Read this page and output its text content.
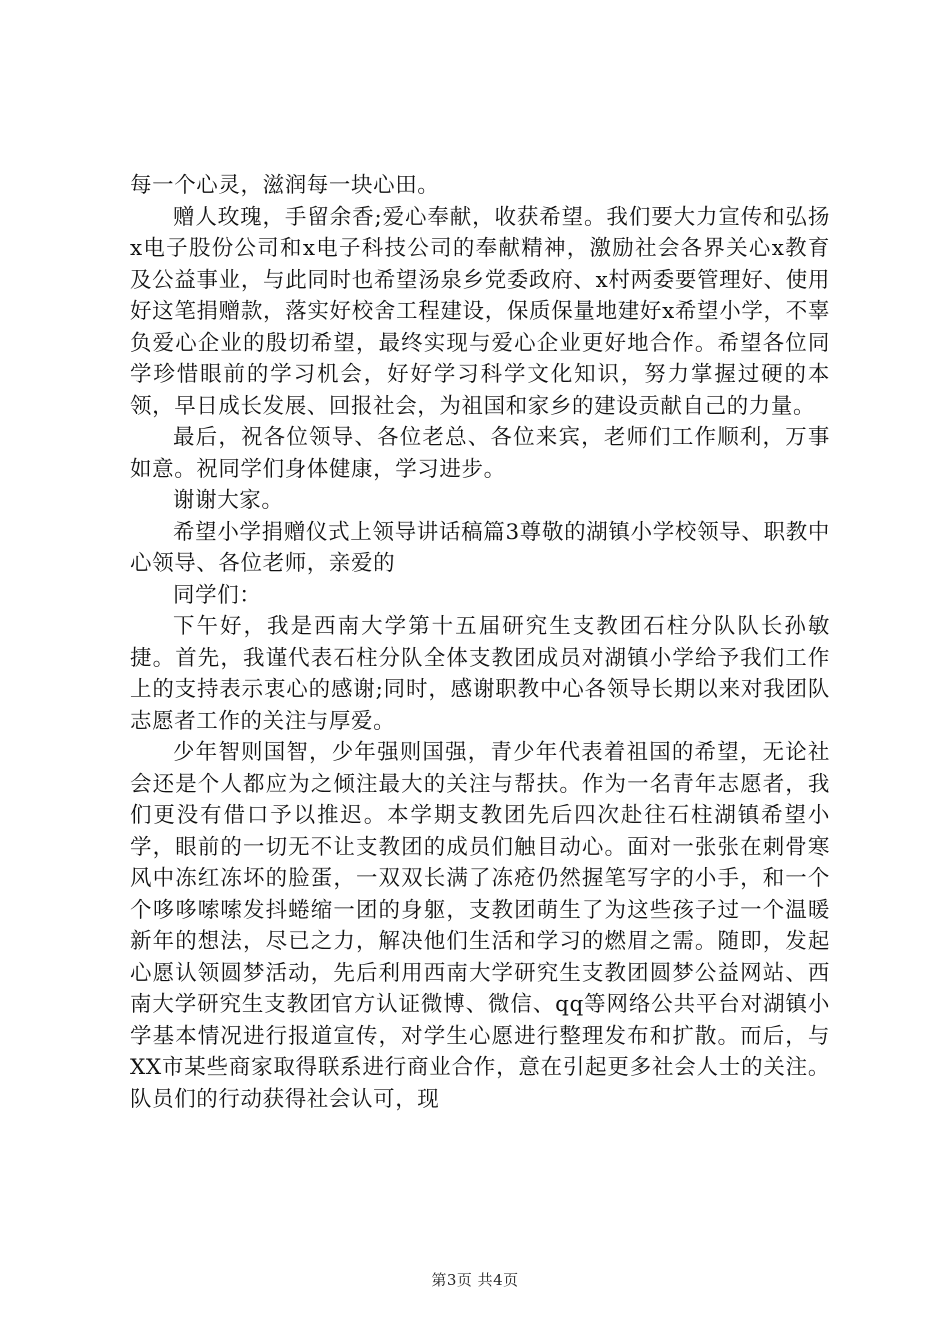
每一个心灵，滋润每一块心田。

赠人玫瑰，手留余香;爱心奉献，收获希望。我们要大力宣传和弘扬x电子股份公司和x电子科技公司的奉献精神，激励社会各界关心x教育及公益事业，与此同时也希望汤泉乡党委政府、x村两委要管理好、使用好这笔捐赠款，落实好校舍工程建设，保质保量地建好x希望小学，不辜负爱心企业的殷切希望，最终实现与爱心企业更好地合作。希望各位同学珍惜眼前的学习机会，好好学习科学文化知识，努力掌握过硬的本领，早日成长发展、回报社会，为祖国和家乡的建设贡献自己的力量。

最后，祝各位领导、各位老总、各位来宾，老师们工作顺利，万事如意。祝同学们身体健康，学习进步。

谢谢大家。

希望小学捐赠仪式上领导讲话稿篇3尊敬的湖镇小学校领导、职教中心领导、各位老师，亲爱的

同学们：

下午好，我是西南大学第十五届研究生支教团石柱分队队长孙敏捷。首先，我谨代表石柱分队全体支教团成员对湖镇小学给予我们工作上的支持表示衷心的感谢;同时，感谢职教中心各领导长期以来对我团队志愿者工作的关注与厚爱。

少年智则国智，少年强则国强，青少年代表着祖国的希望，无论社会还是个人都应为之倾注最大的关注与帮扶。作为一名青年志愿者，我们更没有借口予以推迟。本学期支教团先后四次赴往石柱湖镇希望小学，眼前的一切无不让支教团的成员们触目动心。面对一张张在刺骨寒风中冻红冻坏的脸蛋，一双双长满了冻疮仍然握笔写字的小手，和一个个哆哆嗦嗦发抖蜷缩一团的身躯，支教团萌生了为这些孩子过一个温暖新年的想法，尽已之力，解决他们生活和学习的燃眉之需。随即，发起心愿认领圆梦活动，先后利用西南大学研究生支教团圆梦公益网站、西南大学研究生支教团官方认证微博、微信、qq等网络公共平台对湖镇小学基本情况进行报道宣传，对学生心愿进行整理发布和扩散。而后，与XX市某些商家取得联系进行商业合作，意在引起更多社会人士的关注。队员们的行动获得社会认可，现

第3页 共4页
